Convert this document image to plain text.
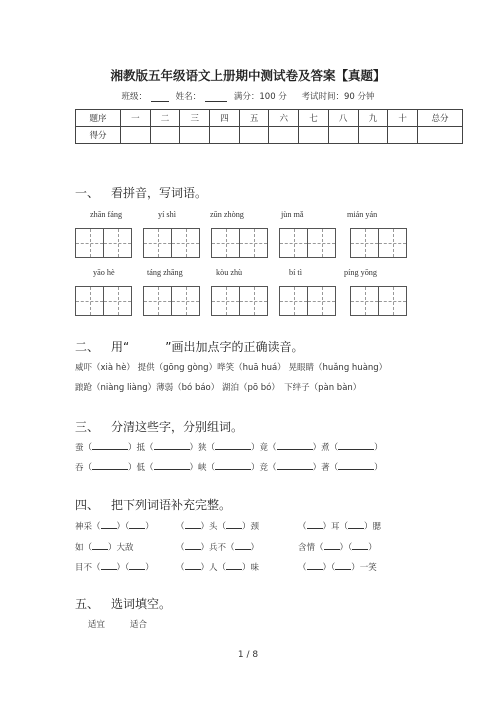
湘教版五年级语文上册期中测试卷及答案【真题】
班级：	姓名：	满分：100 分 考试时间：90 分钟
题序	一	二	三	四	五	六	七	八	九	十	总分
得分											
一、 看拼音，写词语。
zhān fáng	yí shì	zūn zhòng	jùn mǎ	mián yán
yāo hè	táng zhāng	kòu zhù	bí tì	píng yōng
二、 用“　　　”画出加点字的正确读音。
威吓（xià hè） 提供（gōng gòng）哗笑（huā huá） 晃眼睛（huǎng huàng）
踉跄（niàng liàng）薄弱（bó báo） 湖泊（pō bó）　下绊子（pàn bàn）
三、 分清这些字，分别组词。
蚕（	）抵（	）狭（	）竟（	）煮（	）
吞（	）低（	）峡（	）竞（	）著（	）
四、 把下列词语补充完整。
神采（ ）（ ）	（ ）头（ ）颈	（ ）耳（ ）腮
如（ ）大敌	（ ）兵不（ ）	含情（ ）（ ）
目不（ ）（ ）	（ ）人（ ）味	（ ）（ ）一笑
五、 选词填空。
适宜	适合
1 / 8
